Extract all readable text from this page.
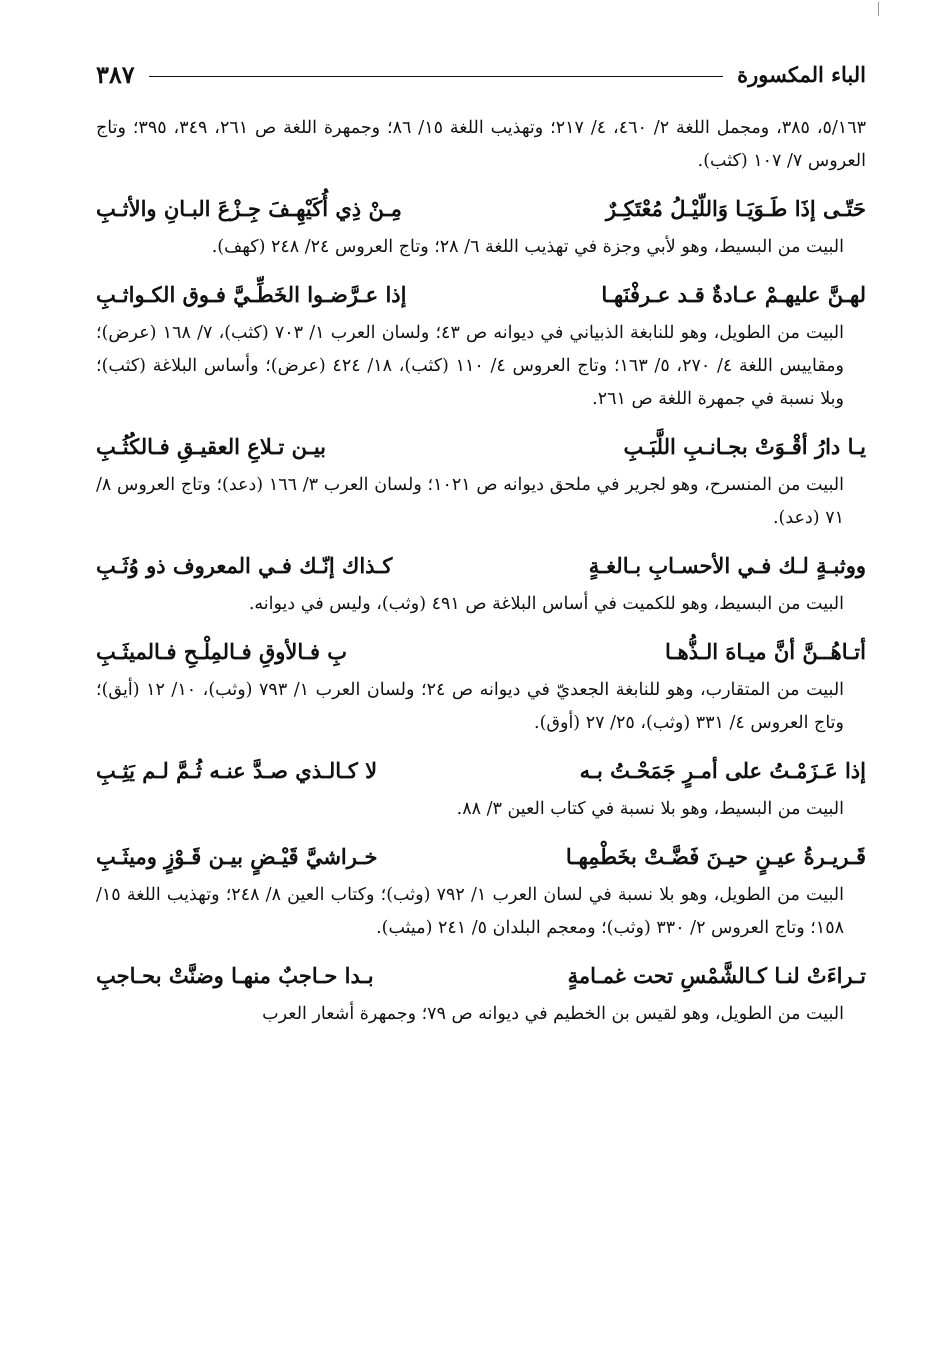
الباء المكسورة
٣٨٧

٥/١٦٣، ٣٨٥، ومجمل اللغة ٢/ ٤٦٠، ٤/ ٢١٧؛ وتهذيب اللغة ١٥/ ٨٦؛ وجمهرة اللغة ص ٢٦١، ٣٤٩، ٣٩٥؛ وتاج العروس ٧/ ١٠٧ (كثب).

حَتّـى إذَا طَـوَيَـا وَاللّيْـلُ مُعْتَكِـرٌ
مِـنْ ذِي أُكَيْهِـفَ جِـزْعَ البـانِ والأثـبِ

البيت من البسيط، وهو لأبي وجزة في تهذيب اللغة ٦/ ٢٨؛ وتاج العروس ٢٤/ ٢٤٨ (كهف).

لهـنَّ عليهـمْ عـادةٌ قـد عـرفْنَهـا
إذا عـرَّضـوا الخَطِّـيَّ فـوق الكـواثـبِ

البيت من الطويل، وهو للنابغة الذبياني في ديوانه ص ٤٣؛ ولسان العرب ١/ ٧٠٣ (كثب)، ٧/ ١٦٨ (عرض)؛ ومقاييس اللغة ٤/ ٢٧٠، ٥/ ١٦٣؛ وتاج العروس ٤/ ١١٠ (كثب)، ١٨/ ٤٢٤ (عرض)؛ وأساس البلاغة (كثب)؛ وبلا نسبة في جمهرة اللغة ص ٢٦١.

يـا دارُ أقْـوَتْ بجـانـبِ اللَّبَـبِ
بيـن تـلاعِ العقيـقِ فـالكُثُـبِ

البيت من المنسرح، وهو لجرير في ملحق ديوانه ص ١٠٢١؛ ولسان العرب ٣/ ١٦٦ (دعد)؛ وتاج العروس ٨/ ٧١ (دعد).

ووثبـةٍ لـك فـي الأحسـابِ بـالغـةٍ
كـذاك إنّـك فـي المعروف ذو وُثَـبِ

البيت من البسيط، وهو للكميت في أساس البلاغة ص ٤٩١ (وثب)، وليس في ديوانه.

أتـاهُــنَّ أنَّ ميـاهَ الـذُّهـا
بِ فـالأوقِ فـالمِلْـحِ فـالميثَـبِ

البيت من المتقارب، وهو للنابغة الجعديّ في ديوانه ص ٢٤؛ ولسان العرب ١/ ٧٩٣ (وثب)، ١٠/ ١٢ (أيق)؛ وتاج العروس ٤/ ٣٣١ (وثب)، ٢٥/ ٢٧ (أوق).

إذا عَـزَمْـتُ على أمـرٍ جَمَحْـتُ بـه
لا كـالـذي صـدَّ عنـه ثُـمَّ لـم يَثِـبِ

البيت من البسيط، وهو بلا نسبة في كتاب العين ٣/ ٨٨.

قَـريـرةُ عيـنٍ حيـنَ فَضَّـتْ بخَطْمِهـا
خـراشيَّ قَيْـضٍ بيـن قَـوْزٍ وميثَـبِ

البيت من الطويل، وهو بلا نسبة في لسان العرب ١/ ٧٩٢ (وثب)؛ وكتاب العين ٨/ ٢٤٨؛ وتهذيب اللغة ١٥/ ١٥٨؛ وتاج العروس ٢/ ٣٣٠ (وثب)؛ ومعجم البلدان ٥/ ٢٤١ (ميثب).

تـراءَتْ لنـا كـالشَّمْسِ تحت غمـامةٍ
بـدا حـاجبٌ منهـا وضنَّتْ بحـاجبِ

البيت من الطويل، وهو لقيس بن الخطيم في ديوانه ص ٧٩؛ وجمهرة أشعار العرب
